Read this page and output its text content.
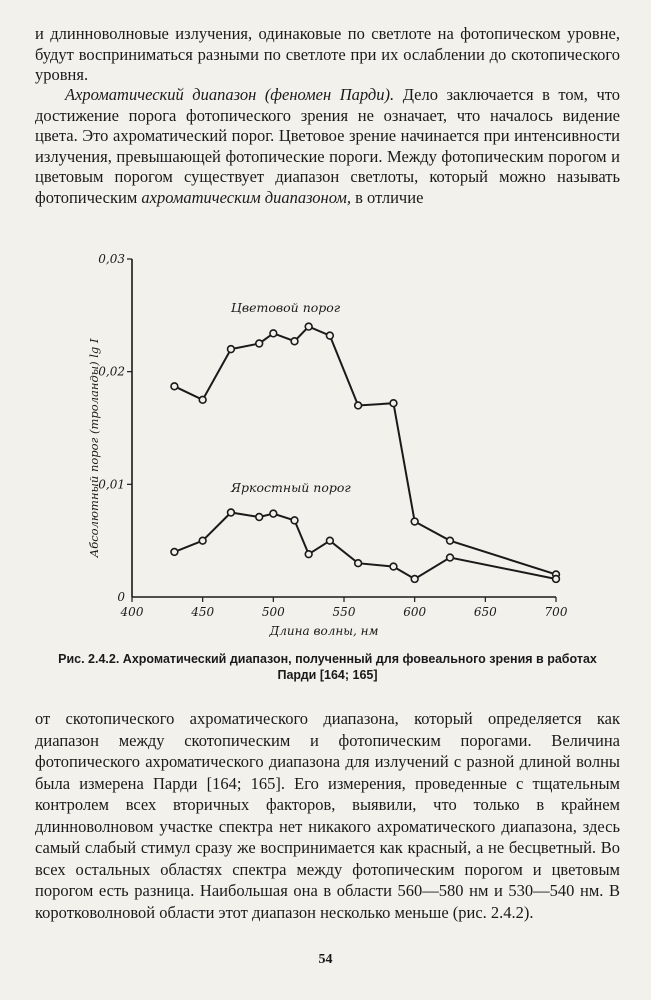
и длинноволновые излучения, одинаковые по светлоте на фотопическом уровне, будут восприниматься разными по светлоте при их ослаблении до скотопического уровня.

Ахроматический диапазон (феномен Парди). Дело заключается в том, что достижение порога фотопического зрения не означает, что началось видение цвета. Это ахроматический порог. Цветовое зрение начинается при интенсивности излучения, превышающей фотопические пороги. Между фотопическим порогом и цветовым порогом существует диапазон светлоты, который можно называть фотопическим ахроматическим диапазоном, в отличие

400	450	500	550	600	650	700
0
0,01
0,02
0,03
Длина волны, нм
Абсолютный порог (троланды) lg I
Цветовой порог
Яркостный порог
Рис. 2.4.2. Ахроматический диапазон, полученный для фовеального зрения в работах Парди [164; 165]

от скотопического ахроматического диапазона, который определяется как диапазон между скотопическим и фотопическим порогами. Величина фотопического ахроматического диапазона для излучений с разной длиной волны была измерена Парди [164; 165]. Его измерения, проведенные с тщательным контролем всех вторичных факторов, выявили, что только в крайнем длинноволновом участке спектра нет никакого ахроматического диапазона, здесь самый слабый стимул сразу же воспринимается как красный, а не бесцветный. Во всех остальных областях спектра между фотопическим порогом и цветовым порогом есть разница. Наибольшая она в области 560—580 нм и 530—540 нм. В коротковолновой области этот диапазон несколько меньше (рис. 2.4.2).

54
